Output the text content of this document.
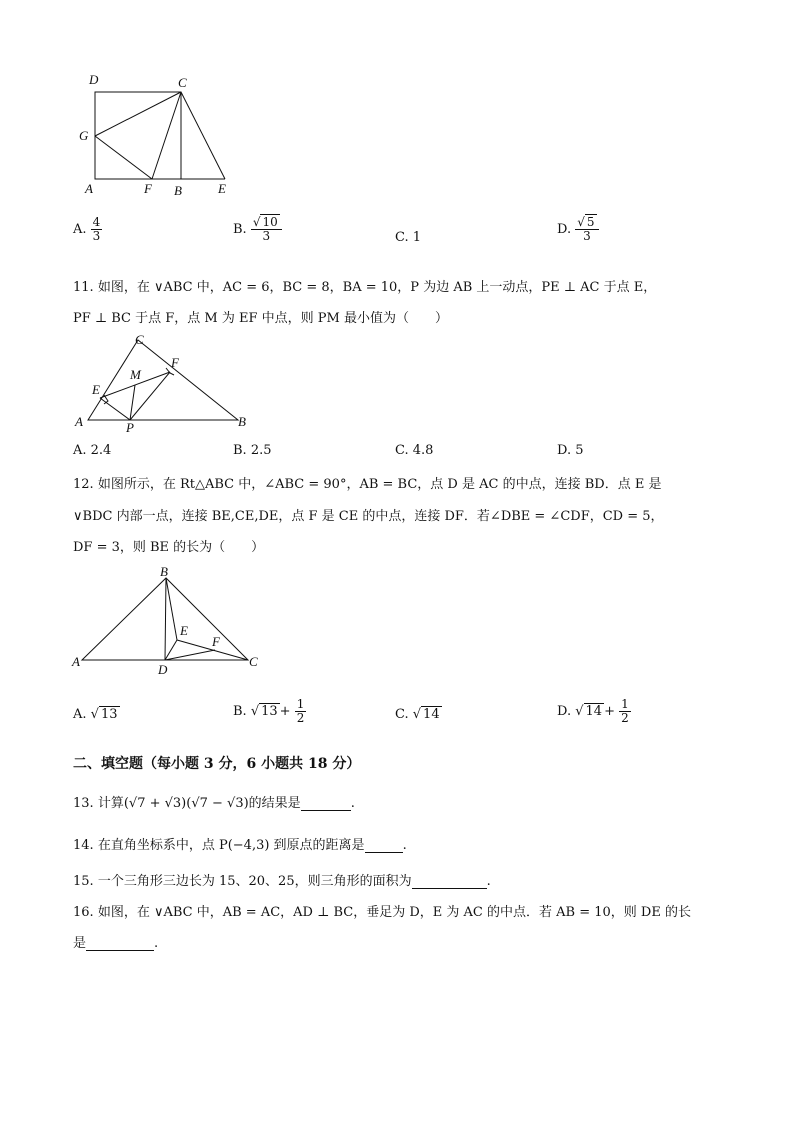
D	C
G
A	F B	E
A. $\frac{4}{3}$	B. $\frac{√ 10}{3}$	C. 1
D. $\frac{√ 5}{3}$
11. 如图，在 ∨ABC 中，AC = 6，BC = 8，BA = 10，P 为边 AB 上一动点，PE ⊥ AC 于点 E，
PF ⊥ BC 于点 F，点 M 为 EF 中点，则 PM 最小值为（　　）
C
F
M
E
A	P	B
A. 2.4	B. 2.5	C. 4.8	D. 5
12. 如图所示，在 Rt△ABC 中，∠ABC = 90°，AB = BC，点 D 是 AC 的中点，连接 BD．点 E 是
∨BDC 内部一点，连接 BE,CE,DE，点 F 是 CE 的中点，连接 DF．若∠DBE = ∠CDF，CD = 5，
DF = 3，则 BE 的长为（　　）
B
E
F
A
D
C
A. √ 13	B. √ $13 + \frac{1}{2}$	C. √ 14	D. √ $14 + \frac{1}{2}$
二、填空题（每小题 3 分，6 小题共 18 分）
13. 计算(√7 + √3)(√7 − √3)的结果是	.
14. 在直角坐标系中，点 P(−4,3) 到原点的距离是	.
15. 一个三角形三边长为 15、20、25，则三角形的面积为	.
16. 如图，在 ∨ABC 中，AB = AC，AD ⊥ BC，垂足为 D，E 为 AC 的中点．若 AB = 10，则 DE 的长
是	.
